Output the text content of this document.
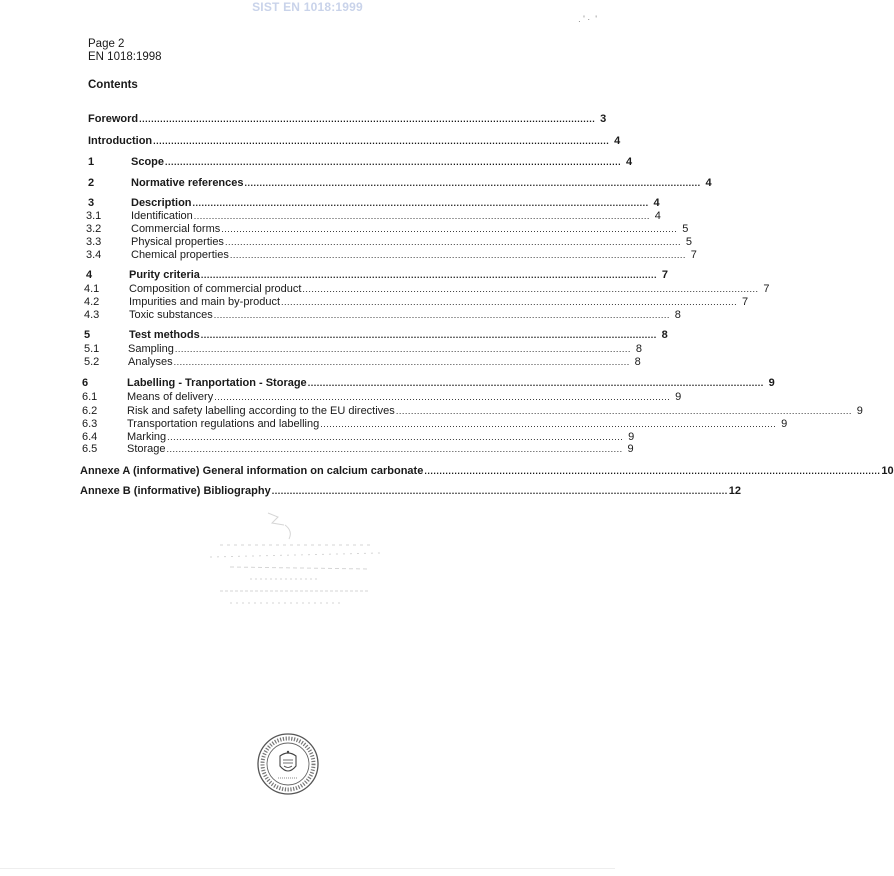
SIST EN 1018:1999
. ' ·  '
Page 2
EN 1018:1998
Contents
Foreword ........................................................................................................................................................ 3
Introduction ........................................................................................................................................................ 4
1	Scope ........................................................................................................................................................ 4
2	Normative references ........................................................................................................................................................ 4
3	Description ........................................................................................................................................................ 4
3.1	Identification ........................................................................................................................................................ 4
3.2	Commercial forms ........................................................................................................................................................ 5
3.3	Physical properties ........................................................................................................................................................ 5
3.4	Chemical properties ........................................................................................................................................................ 7
4	Purity criteria ........................................................................................................................................................ 7
4.1	Composition of commercial product ........................................................................................................................................................ 7
4.2	Impurities and main by-product ........................................................................................................................................................ 7
4.3	Toxic substances ........................................................................................................................................................ 8
5	Test methods ........................................................................................................................................................ 8
5.1	Sampling ........................................................................................................................................................ 8
5.2	Analyses ........................................................................................................................................................ 8
6	Labelling - Tranportation - Storage ........................................................................................................................................................ 9
6.1	Means of delivery ........................................................................................................................................................ 9
6.2	Risk and safety labelling according to the EU directives ........................................................................................................................................................ 9
6.3	Transportation regulations and labelling ........................................................................................................................................................ 9
6.4	Marking ........................................................................................................................................................ 9
6.5	Storage ........................................................................................................................................................ 9
Annexe A (informative) General information on calcium carbonate ........................................................................................................................................................ 10
Annexe B (informative) Bibliography ........................................................................................................................................................ 12
